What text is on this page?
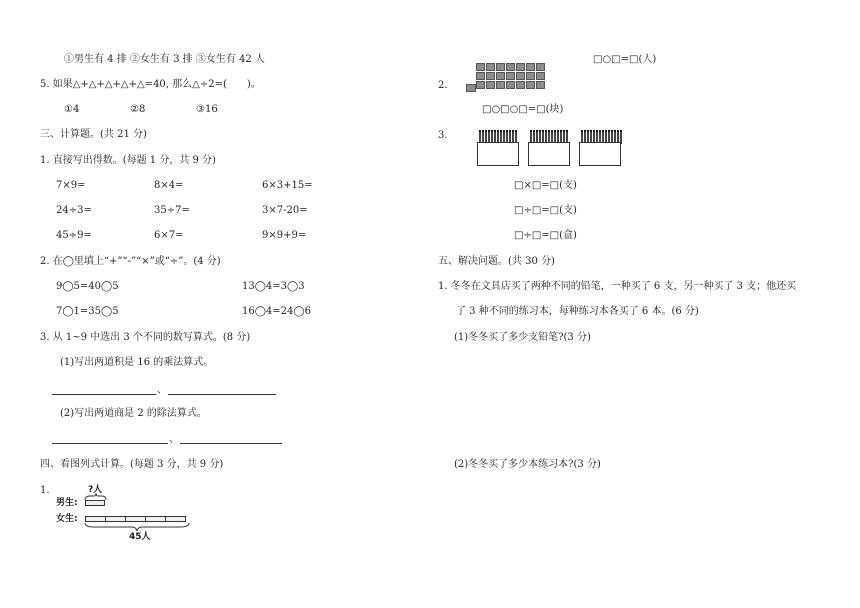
①男生有 4 排 ②女生有 3 排 ③女生有 42 人
5. 如果△+△+△+△+△=40, 那么△÷2=(　　)。
①4	②8	③16
三、计算题。(共 21 分)
1. 直接写出得数。(每题 1 分，共 9 分)
7×9=	8×4=	6×3+15=
24÷3=	35÷7=	3×7-20=
45÷9=	6×7=	9×9+9=
2. 在◯里填上“+”“-”“×”或“÷”。(4 分)
9◯5=40◯5	13◯4=3◯3
7◯1=35◯5	16◯4=24◯6
3. 从 1~9 中选出 3 个不同的数写算式。(8 分)
(1)写出两道积是 16 的乘法算式。
、
(2)写出两道商是 2 的除法算式。
、
四、看图列式计算。(每题 3 分，共 9 分)
1.	?人
男生:
女生:
45人
□○□=□(人)
2.
□○□○□=□(块)
3.
□×□=□(支)
□÷□=□(支)
□÷□=□(盒)
五、解决问题。(共 30 分)
1. 冬冬在文具店买了两种不同的铅笔，一种买了 6 支，另一种买了 3 支；他还买
了 3 种不同的练习本，每种练习本各买了 6 本。(6 分)
(1)冬冬买了多少支铅笔?(3 分)
(2)冬冬买了多少本练习本?(3 分)
